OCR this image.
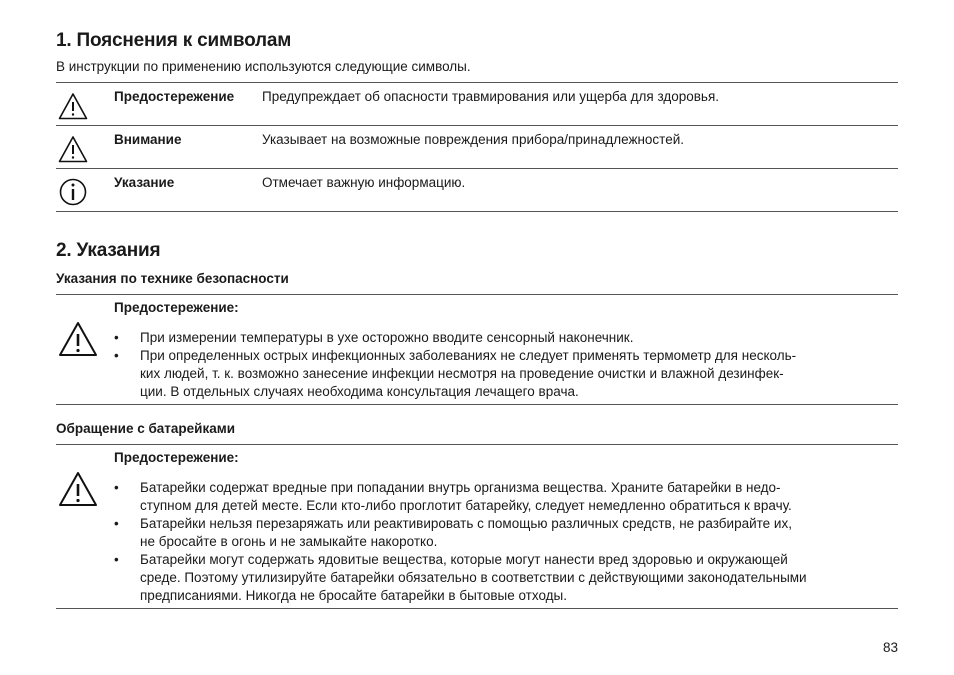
1. Пояснения к символам
В инструкции по применению используются следующие символы.
Предостережение Предупреждает об опасности травмирования или ущерба для здоровья.
Внимание	Указывает на возможные повреждения прибора/принадлежностей.
Указание	Отмечает важную информацию.
2. Указания
Указания по технике безопасности
Предостережение:
• При измерении температуры в ухе осторожно вводите сенсорный наконечник.
• При определенных острых инфекционных заболеваниях не следует применять термометр для несколь-
ких людей, т. к. возможно занесение инфекции несмотря на проведение очистки и влажной дезинфек-
ции. В отдельных случаях необходима консультация лечащего врача.
Обращение с батарейками
Предостережение:
• Батарейки содержат вредные при попадании внутрь организма вещества. Храните батарейки в недо-
ступном для детей месте. Если кто-либо проглотит батарейку, следует немедленно обратиться к врачу.
• Батарейки нельзя перезаряжать или реактивировать с помощью различных средств, не разбирайте их,
не бросайте в огонь и не замыкайте накоротко.
• Батарейки могут содержать ядовитые вещества, которые могут нанести вред здоровью и окружающей
среде. Поэтому утилизируйте батарейки обязательно в соответствии с действующими законодательными
предписаниями. Никогда не бросайте батарейки в бытовые отходы.
83
